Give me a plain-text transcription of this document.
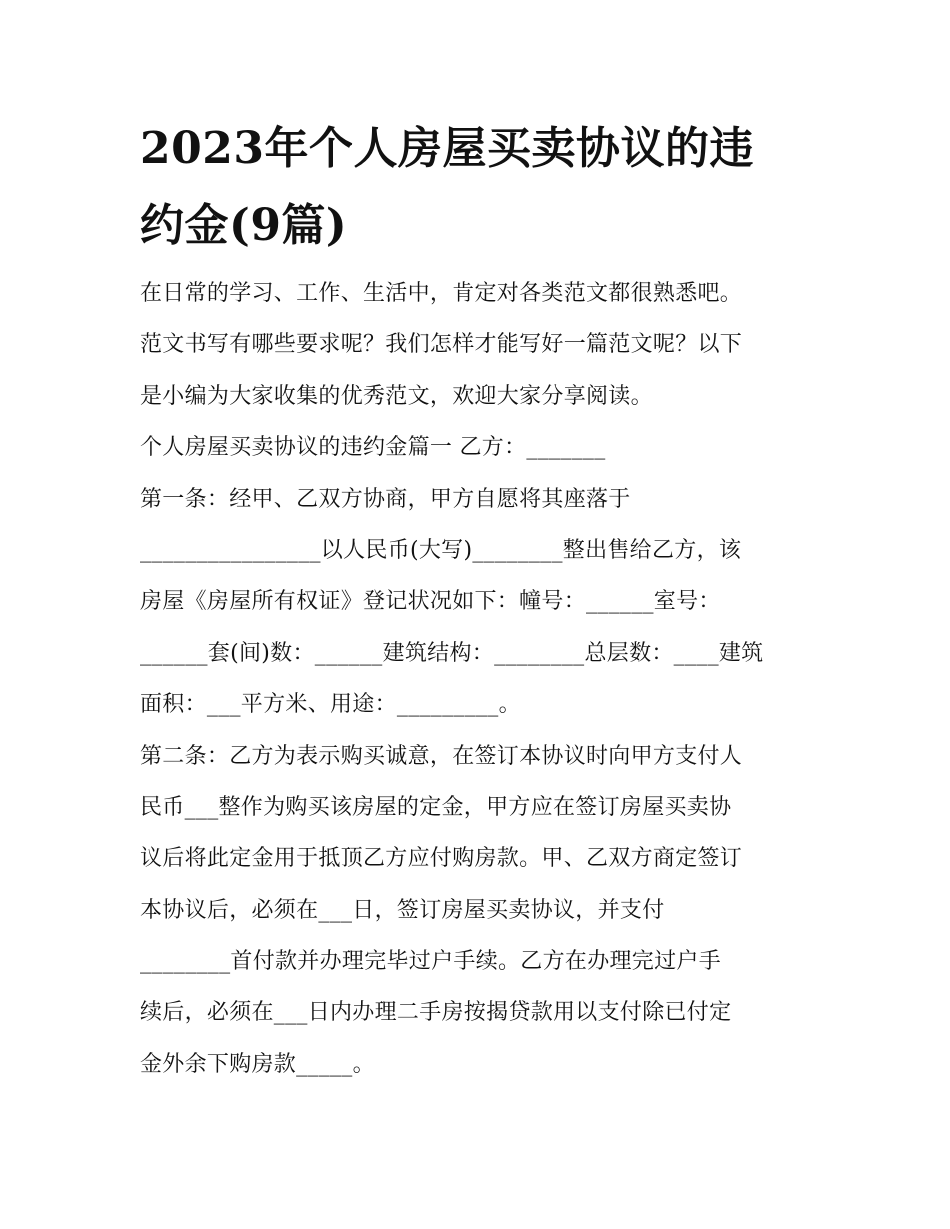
2023年个人房屋买卖协议的违
约金(9篇)
在日常的学习、工作、生活中，肯定对各类范文都很熟悉吧。
范文书写有哪些要求呢？我们怎样才能写好一篇范文呢？以下
是小编为大家收集的优秀范文，欢迎大家分享阅读。
个人房屋买卖协议的违约金篇一 乙方：_______
第一条：经甲、乙双方协商，甲方自愿将其座落于
________________以人民币(大写)________整出售给乙方，该
房屋《房屋所有权证》登记状况如下：幢号：______室号：
______套(间)数：______建筑结构：________总层数：____建筑
面积：___平方米、用途：_________。
第二条：乙方为表示购买诚意，在签订本协议时向甲方支付人
民币___整作为购买该房屋的定金，甲方应在签订房屋买卖协
议后将此定金用于抵顶乙方应付购房款。甲、乙双方商定签订
本协议后，必须在___日，签订房屋买卖协议，并支付
________首付款并办理完毕过户手续。乙方在办理完过户手
续后，必须在___日内办理二手房按揭贷款用以支付除已付定
金外余下购房款_____。
